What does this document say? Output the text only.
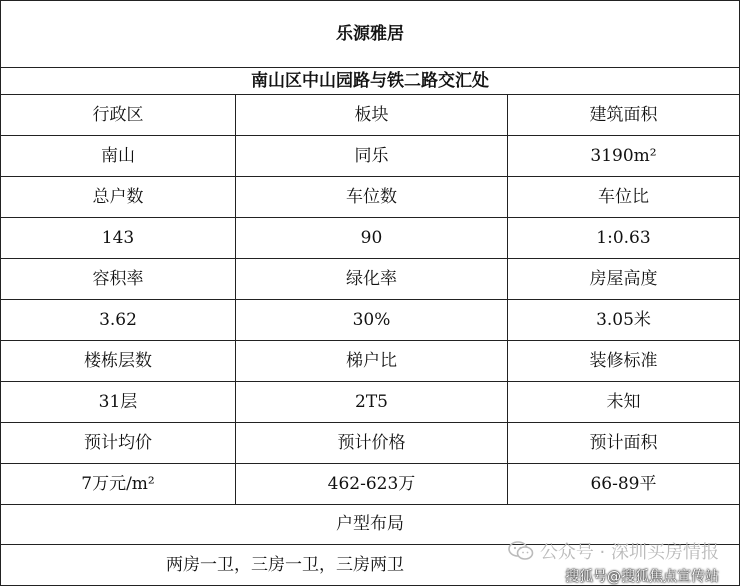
乐源雅居		
南山区中山园路与铁二路交汇处		
行政区	板块	建筑面积
南山	同乐	3190m²
总户数	车位数	车位比
143	90	1:0.63
容积率	绿化率	房屋高度
3.62	30%	3.05米
楼栋层数	梯户比	装修标准
31层	2T5	未知
预计均价	预计价格	预计面积
7万元/m²	462-623万	66-89平
户型布局		
两房一卫，三房一卫，三房两卫		
公众号 · 深圳买房情报
搜狐号@搜狐焦点宣传站
